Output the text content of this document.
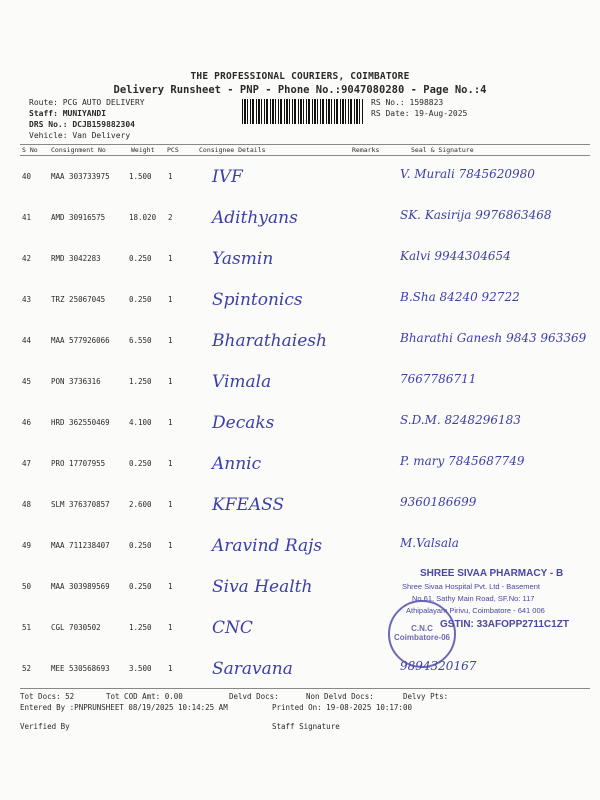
THE PROFESSIONAL COURIERS, COIMBATORE
Delivery Runsheet - PNP - Phone No.:9047080280 - Page No.:4
Route: PCG AUTO DELIVERY
Staff: MUNIYANDI
DRS No.: DCJB159882304
Vehicle: Van Delivery
RS No.: 1598823
RS Date: 19-Aug-2025
S No Consignment No	Weight PCS	Consignee Details	Remarks	Seal & Signature
40	MAA 303733975	1.500 1 IVF	V. Murali 7845620980
41	AMD 30916575	18.020 2 Adithyans	SK. Kasirija 9976863468
42	RMD 3042283	0.250 1 Yasmin	Kalvi 9944304654
43	TRZ 25067045	0.250 1 Spintonics	B.Sha 84240 92722
44	MAA 577926066	6.550 1 Bharathaiesh	Bharathi Ganesh 9843 963369
45	PON 3736316	1.250 1 Vimala	7667786711
46	HRD 362550469	4.100 1 Decaks	S.D.M. 8248296183
47	PRO 17707955	0.250 1 Annic	P. mary 7845687749
48	SLM 376370857	2.600 1 KFEASS	9360186699
49	MAA 711238407	0.250 1 Aravind Rajs	M.Valsala
50	MAA 303989569	0.250 1 Siva Health
51	CGL 7030502	1.250 1 CNC
52	MEE 530568693	3.500 1 Saravana	9894320167
C.N.C Coimbatore-06
SHREE SIVAA PHARMACY - B
Shree Sivaa Hospital Pvt. Ltd - Basement
No.61, Sathy Main Road, SF.No: 117
Athipalayam Pirivu, Coimbatore - 641 006
GSTIN: 33AFOPP2711C1ZT
Tot Docs: 52	Tot COD Amt: 0.00	Delvd Docs:	Non Delvd Docs:	Delvy Pts:
Entered By :PNPRUNSHEET 08/19/2025 10:14:25 AM	Printed On: 19-08-2025 10:17:00
Verified By	Staff Signature
